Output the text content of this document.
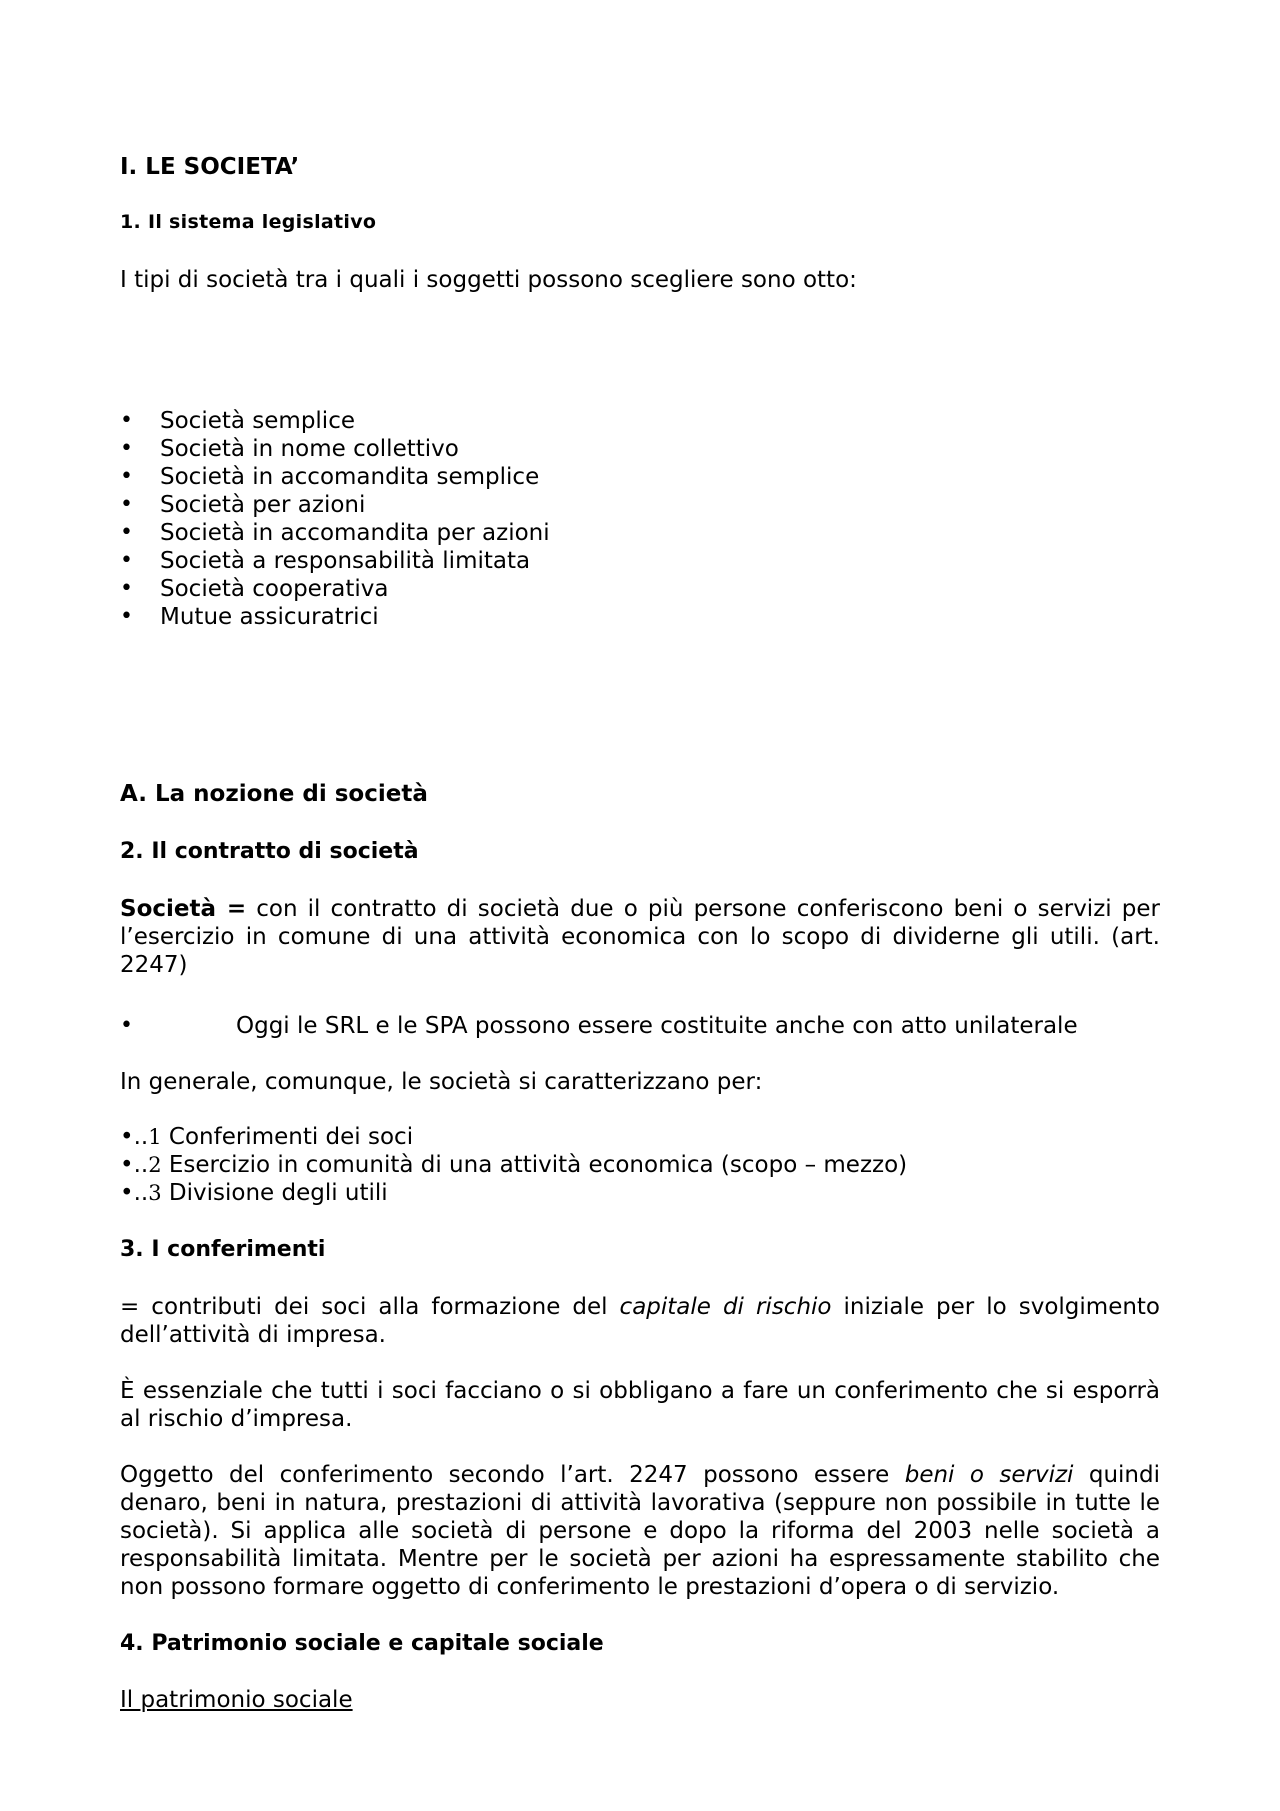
I. LE SOCIETA’
1. Il sistema legislativo
I tipi di società tra i quali i soggetti possono scegliere sono otto:
• Società semplice
• Società in nome collettivo
• Società in accomandita semplice
• Società per azioni
• Società in accomandita per azioni
• Società a responsabilità limitata
• Società cooperativa
• Mutue assicuratrici
A. La nozione di società
2. Il contratto di società

Società = con il contratto di società due o più persone conferiscono beni o servizi per l’esercizio in comune di una attività economica con lo scopo di dividerne gli utili. (art. 2247)

•	Oggi le SRL e le SPA possono essere costituite anche con atto unilaterale
In generale, comunque, le società si caratterizzano per:
•..1 Conferimenti dei soci
•..2 Esercizio in comunità di una attività economica (scopo – mezzo)
•..3 Divisione degli utili
3. I conferimenti

= contributi dei soci alla formazione del capitale di rischio iniziale per lo svolgimento dell’attività di impresa.

È essenziale che tutti i soci facciano o si obbligano a fare un conferimento che si esporrà al rischio d’impresa.

Oggetto del conferimento secondo l’art. 2247 possono essere beni o servizi quindi denaro, beni in natura, prestazioni di attività lavorativa (seppure non possibile in tutte le società). Si applica alle società di persone e dopo la riforma del 2003 nelle società a responsabilità limitata. Mentre per le società per azioni ha espressamente stabilito che non possono formare oggetto di conferimento le prestazioni d’opera o di servizio.

4. Patrimonio sociale e capitale sociale
Il patrimonio sociale
